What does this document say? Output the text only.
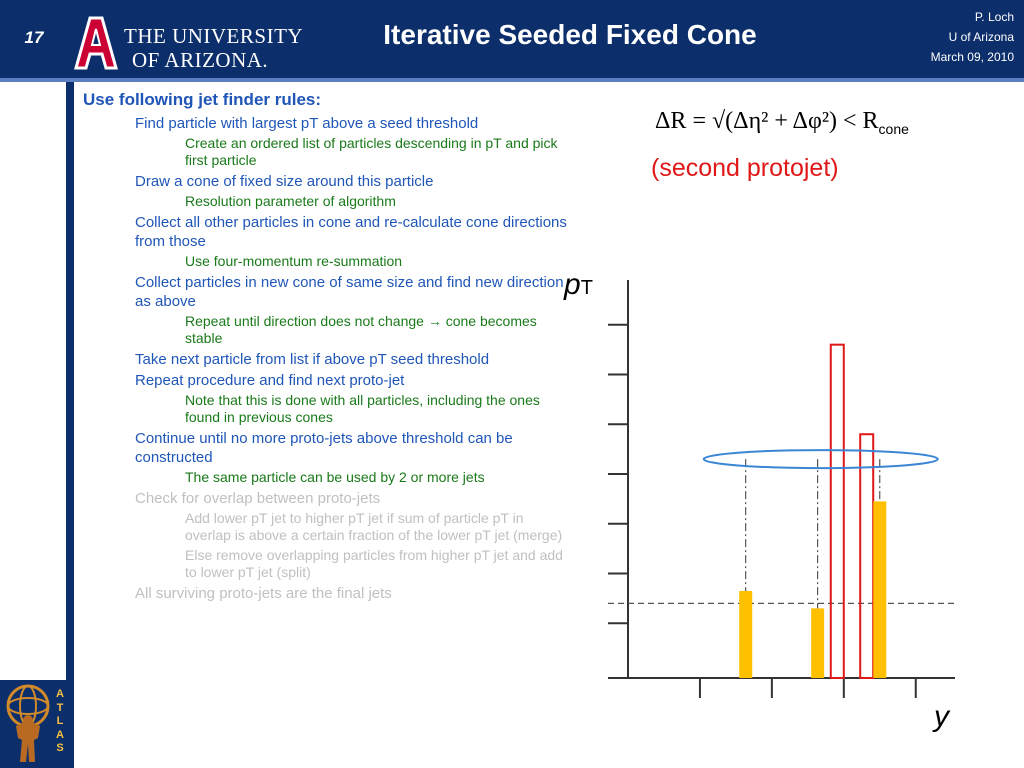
17	THE UNIVERSITY
OF ARIZONA.
Iterative Seeded Fixed Cone
P. Loch
U of Arizona
March 09, 2010
A
T
L
A
S
Use following jet finder rules:
Find particle with largest pT above a seed threshold
Create an ordered list of particles descending in pT and pick first particle
Draw a cone of fixed size around this particle
Resolution parameter of algorithm
Collect all other particles in cone and re-calculate cone directions from those
Use four-momentum re-summation
Collect particles in new cone of same size and find new direction as above
Repeat until direction does not change → cone becomes stable
Take next particle from list if above pT seed threshold
Repeat procedure and find next proto-jet
Note that this is done with all particles, including the ones found in previous cones
Continue until no more proto-jets above threshold can be constructed
The same particle can be used by 2 or more jets
Check for overlap between proto-jets
Add lower pT jet to higher pT jet if sum of particle pT in overlap is above a certain fraction of the lower pT jet (merge)
Else remove overlapping particles from higher pT jet and add to lower pT jet (split)
All surviving proto-jets are the final jets
$\Delta R = √(\Delta\eta^2 + \Delta\varphi^2) < R_{cone}$
(second protojet)
pT
y
